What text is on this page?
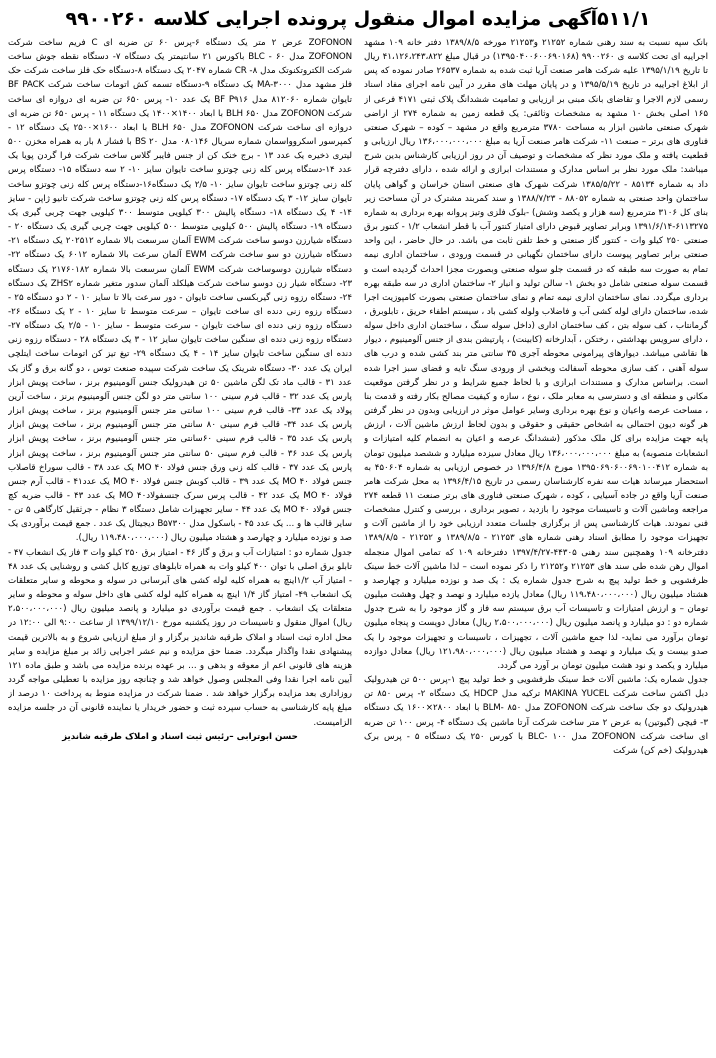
۵۱۱/۱آگهی مزایده اموال منقول پرونده اجرایی کلاسه ۹۹۰۰۲۶۰

بانک سپه نسبت به سند رهنی شماره ۲۱۲۵۲ و۲۱۲۵۳ مورخه ۱۳۸۹/۸/۵ دفتر خانه ۱۰۹ مشهد اجراییه ای تحت کلاسه ی ۹۹۰۰۲۶۰ (۱۳۹۵۰۴۰۰۶۰۰۶۹۰۱۶۸) در قبال مبلغ ۴۱،۱۲۶،۲۴۳،۸۲۲ ریال تا تاریخ ۱۳۹۵/۱/۱۹ علیه شرکت هامر صنعت آریا ثبت شده به شماره ۲۶۵۳۷ صادر نموده که پس از ابلاغ اجراییه در تاریخ ۱۳۹۵/۵/۱۹ و در پایان مهلت های مقرر در آیین نامه اجرای مفاد اسناد رسمی لازم الاجرا و تقاضای بانک مبنی بر ارزیابی و تمامیت ششدانگ پلاک ثبتی ۴۱۷۱ فرعی از ۱۶۵ اصلی بخش ۱۰ مشهد به مشخصات وثائقی: یک قطعه زمین به شماره ۲۷۴ از اراضی شهرک صنعتی ماشین ابزار به مساحت ۳۷۸۰ مترمربع واقع در مشهد – کوده – شهرک صنعتی فناوری های برتر – صنعت ۱۱- شرکت هامر صنعت آریا به مبلغ ۱۳۶،۰۰۰،۰۰۰،۰۰۰ ریال ارزیابی و قطعیت یافته و ملک مورد نظر که مشخصات و توصیف آن در روز ارزیابی کارشناس بدین شرح میباشد: ملک مورد نظر بر اساس مدارک و مستندات ابرازی و ارائه شده ، دارای دفترچه قرار داد به شماره ۸۵۱۳۴ - ۱۳۸۵/۵/۲۲ شرکت شهرک های صنعتی استان خراسان و گواهی پایان ساختمان واحد صنعتی به شماره ۸۸۰۵۲ - ۱۳۸۸/۷/۲۳ و سند کمربند مشترک در آن مساحت زیر بنای کل ۳۱۰۶ مترمربع (سه هزار و یکصد وشش) -بلوک فلزی وتیز پروانه بهره برداری به شماره ۶۱۱۳۲۷۵-۱۳۹۱/۶/۱۴ وبرابر تصاویر قبوض دارای امتیاز کنتور آب با قطر انشعاب ۱/۲ - کنتور برق صنعتی ۲۵۰ کیلو وات - کنتور گاز صنعتی و خط تلفن ثابت می باشد. در حال حاضر ، این واحد صنعتی برابر تصاویر پیوست دارای ساختمان نگهبانی در قسمت ورودی ، ساختمان اداری نیمه تمام به صورت سه طبقه که در قسمت جلو سوله صنعتی وبصورت مجزا احداث گردیده است و قسمت سوله صنعتی شامل دو بخش ۱- سالن تولید و انبار ۲- ساختمان اداری در سه طبقه بهره برداری میگردد. نمای ساختمان اداری نیمه تمام و نمای ساختمان صنعتی بصورت کامپوزیت اجرا شده، ساختمان دارای لوله کشی آب و فاضلاب ولوله کشی باد ، سیستم اطفاء حریق ، تابلوبرق ، گرمانتاب ، کف سوله بتن ، کف ساختمان اداری (داخل سوله سنگ ، ساختمان اداری داخل سوله ، دارای سرویس بهداشتی ، رختکن ، آبدارخانه (کابینت) ، پارتیشن بندی از جنس آلومینیوم ، دیوار ها نقاشی میباشد. دیوارهای پیرامونی محوطه آجری ۳۵ سانتی متر بند کشی شده و درب های سوله آهنی ، کف سازی محوطه آسفالت وبخشی از ورودی سنگ تایه و فضای سبز اجرا شده است. براساس مدارک و مستندات ابرازی و با لحاظ جمیع شرایط و در نظر گرفتن موقعیت مکانی و منطقه ای و دسترسی به معابر ملک ، نوع ، سازه و کیفیت مصالح بکار رفته و قدمت بنا ، مساحت عرصه واعیان و نوع بهره برداری وسایر عوامل موثر در ارزیابی وبدون در نظر گرفتن هر گونه دیون احتمالی به اشخاص حقیقی و حقوقی و بدون لحاظ ارزش ماشین آلات ، ارزش پایه جهت مزایده برای کل ملک مذکور (ششدانگ عرصه و اعیان به انضمام کلیه امتیازات و انشعابات منصوبه) به مبلغ ۱۳۶،۰۰۰،۰۰۰،۰۰۰ ریال معادل سیزده میلیارد و ششصد میلیون تومان به شماره ۱۳۹۵۰۶۹۰۶۰۰۶۹۰۱۰۰۴۱۲ مورخ ۱۳۹۶/۴/۸ در خصوص ارزیابی به شماره ۴۵۰۶۰۴ به استحضار میرساند هیات سه نفره کارشناسان رسمی در تاریخ ۱۳۹۶/۴/۱۵ به محل شرکت هامر صنعت آریا واقع در جاده آسیایی ، کوده ، شهرک صنعتی فناوری های برتر صنعت ۱۱ قطعه ۲۷۴ مراجعه وماشین آلات و تاسیسات موجود را بازدید ، تصویر برداری ، بررسی و کنترل مشخصات فنی نمودند. هیات کارشناسی پس از برگزاری جلسات متعدد ارزیابی خود را از ماشین آلات و تجهیزات موجود را مطابق اسناد رهنی شماره های ۲۱۲۵۳ - ۱۳۸۹/۸/۵ و ۲۱۲۵۲ - ۱۳۸۹/۸/۵ دفترخانه ۱۰۹ وهمچنین سند رهنی ۴۴۳۰۵-۱۳۹۷/۴/۲۷ دفترخانه ۱۰۹ که تمامی اموال منجمله اموال رهن شده طی سند های ۲۱۲۵۳ و۲۱۲۵۲ را ذکر نموده است – لذا ماشین آلات خط سینک ظرفشویی و خط تولید پیچ به شرح جدول شماره یک : یک صد و نوزده میلیارد و چهارصد و هشتاد میلیون ریال (۱۱۹،۴۸۰،۰۰۰،۰۰۰ ریال) معادل یازده میلیارد و نهصد و چهل وهشت میلیون تومان – و ارزش امتیازات و تاسیسات آب برق سیستم سه فاز و گاز موجود را به شرح جدول شماره دو : دو میلیارد و پانصد میلیون ریال (۲،۵۰۰،۰۰۰،۰۰۰ ریال) معادل دویست و پنجاه میلیون تومان برآورد می نماید- لذا جمع ماشین آلات ، تجهیزات ، تاسیسات و تجهیزات موجود را یک صدو بیست و یک میلیارد و نهصد و هشتاد میلیون ریال (۱۲۱،۹۸۰،۰۰۰،۰۰۰ ریال) معادل دوازده میلیارد و یکصد و نود هشت میلیون تومان بر آورد می گردد.

جدول شماره یک: ماشین آلات خط سینک ظرفشویی و خط تولید پیچ ۱-پرس ۵۰۰ تن هیدرولیک دبل اکشن ساخت شرکت MAKINA YUCEL ترکیه مدل HDCP یک دستگاه ۲- پرس ۸۵۰ تن هیدرولیک دو جک ساخت شرکت ZOFONON مدل ۸۵۰ -BLM با ابعاد ۲۸۰۰×۱۶۰۰ یک دستگاه ۳- قیچی (گیوتین) به عرض ۲ متر ساخت شرکت آرتا ماشین یک دستگاه ۴- پرس ۱۰۰ تن ضربه ای ساخت شرکت ZOFONON مدل ۱۰۰ -BLC با کورس ۲۵۰ یک دستگاه ۵ - پرس برک هیدرولیک (خم کن) شرکت

ZOFONON عرض ۲ متر یک دستگاه ۶-پرس ۶۰ تن ضربه ای C فریم ساخت شرکت ZOFONON مدل ۶۰ - BLC باکورس ۲۱ سانتیمتر یک دستگاه ۷- دستگاه نقطه جوش ساخت شرکت الکتروتکنوتک مدل ۸- CR شماره ۲۰۴۷ یک دستگاه ۸-دستگاه حک فلز ساخت شرکت حک فلز مشهد مدل ۳۰۰۰-MA یک دستگاه ۹-دستگاه تسمه کش اتومات ساخت شرکت BF PACK تایوان شماره ۸۱۲۰۶۰ مدل BF P۹۱۶ یک عدد ۱۰- پرس ۶۵۰ تن ضربه ای دروازه ای ساخت شرکت ZOFONON مدل BLH ۶۵۰ با ابعاد ۱۴۰۰×۱۴۰۰ یک دستگاه ۱۱ - پرس ۶۵۰ تن ضربه ای دروازه ای ساخت شرکت ZOFONON مدل BLH ۶۵۰ با ابعاد ۱۶۰۰×۲۵۰۰ یک دستگاه ۱۲ - کمپرسور اسکروواسمان شماره سریال ۰۸۰۱۴۶ مدل BS ۲۰ با فشار ۸ بار به همراه مخزن ۵۰۰ لیتری ذخیره یک عدد ۱۳ - برج خنک کن از جنس فایبر گلاس ساخت شرکت فرا گردن پویا یک عدد ۱۴-دستگاه پرس کله زنی چوتزو ساخت تایوان سایز ۱۰- ۲ سه دستگاه ۱۵- دستگاه پرس کله زنی چوتزو ساخت تایوان سایز ۱۰- ۲/۵ یک دستگاه۱۶-دستگاه پرس کله زنی چوتزو ساخت تایوان سایز ۱۲- ۳ یک دستگاه ۱۷- دستگاه پرس کله زنی چوتزو ساخت شرکت تانیو ژاپن - سایز ۱۴- ۴ یک دستگاه ۱۸- دستگاه پالیش ۳۰۰ کیلویی متوسط ۳۰۰ کیلویی جهت چربی گیری یک دستگاه ۱۹- دستگاه پالیش ۵۰۰ کیلویی متوسط ۵۰۰ کیلویی جهت چربی گیری یک دستگاه ۲۰ - دستگاه شیارزن دوسو ساخت شرکت EWM آلمان سرسعت بالا شماره ۲۰۲۵۱۲ یک دستگاه ۲۱- دستگاه شیارزن دو سو ساخت شرکت EWM آلمان سرعت بالا شماره ۶۰۱۲ یک دستگاه ۲۲- دستگاه شیارزن دوسوساخت شرکت EWM آلمان سرسعت بالا شماره ۲۱۷۶۰۱۸۲ یک دستگاه ۲۳- دستگاه شیار زن دوسو ساخت شرکت هیلکلد آلمان سدور متغیر شماره ZHS۲ یک دستگاه ۲۴- دستگاه رزوه زنی گیربکسی ساخت تایوان - دور سرعت بالا تا سایز ۱۰ - ۲ دو دستگاه ۲۵ - دستگاه رزوه زنی دنده ای ساخت تایوان – سرعت متوسط تا سایز ۱۰ - ۲ یک دستگاه ۲۶- دستگاه رزوه زنی دنده ای ساخت تایوان - سرعت متوسط - سایز ۱۰ - ۲/۵ یک دستگاه ۲۷- دستگاه رزوه زنی دنده ای سنگین ساخت تایوان سایز ۱۲ - ۳ یک دستگاه ۲۸ - دستگاه رزوه زنی دنده ای سنگین ساخت تایوان سایز ۱۴ - ۴ یک دستگاه ۲۹- تیغ تیز کن اتومات ساخت ایتلچی ایران یک عدد ۳۰- دستگاه شرینک یک ساخت شرکت سپیده صنعت توس ، دو گانه برق و گاز یک عدد ۳۱ - قالب ماد تک لگن ماشین ۵۰ تن هیدرولیک جنس آلومینیوم برنز ، ساخت پویش ابزار پارس یک عدد ۳۲ - قالب فرم سینی ۱۰۰ سانتی متر دو لگن جنس آلومینیوم برنز ، ساخت آرین پولاد یک عدد ۳۳- قالب فرم سینی ۱۰۰ سانتی متر جنس آلومینیوم برنز ، ساخت پویش ابزار پارس یک عدد ۳۴- قالب فرم سینی ۸۰ سانتی متر جنس آلومینیوم برنز ، ساخت پویش ابزار پارس یک عدد ۳۵ - قالب فرم سینی ۶۰سانتی متر جنس آلومینیوم برنز ، ساخت پویش ابزار پارس یک عدد ۳۶ - قالب فرم سینی ۵۰ سانتی متر جنس آلومینیوم برنز ، ساخت پویش ابزار پارس یک عدد ۳۷ - قالب کله زنی ورق جنس فولاد MO ۴۰ یک عدد ۳۸ - قالب سوراخ قاصلاب جنس فولاد MO ۴۰ یک عدد ۳۹ - قالب کوبش جنس فولاد MO ۴۰ یک عدد۴۱ - قالب آرم جنس فولاد MO ۴۰ یک عدد ۴۲ - قالب پرس سرک جنسفولادMO ۴۰ یک عدد ۴۳ - قالب ضربه کچ جنس فولاد MO ۴۰ یک عدد ۴۴ - سایر تجهیزات شامل دستگاه ۳ نظام - جرثقیل کارگاهی ۵ تن - سایر قالب ها و ... یک عدد ۴۵ - باسکول مدل B۵۷۳۰۰ دیجیتال یک عدد . جمع قیمت برآوردی یک صد و نوزده میلیارد و چهارصد و هشتاد میلیون ریال (۱۱۹،۴۸۰،۰۰۰،۰۰۰ ریال).

جدول شماره دو : امتیازات آب و برق و گاز ۴۶ - امتیاز برق ۲۵۰ کیلو وات ۳ فاز یک انشعاب ۴۷ - تابلو برق اصلی با توان ۴۰۰ کیلو وات به همراه تابلوهای توزیع کابل کشی و روشنایی یک عدد ۴۸ - امتیاز آب ۱/۲اینچ به همراه کلیه لوله کشی های آبرسانی در سوله و محوطه و سایر متعلقات یک انشعاب ۴۹- امتیاز گاز ۱/۴ اینچ به همراه کلیه لوله کشی های داخل سوله و محوطه و سایر متعلقات یک انشعاب . جمع قیمت برآوردی دو میلیارد و پانصد میلیون ریال (۲،۵۰۰،۰۰۰،۰۰۰ ریال) اموال منقول و تاسیسات در روز یکشنبه مورخ ۱۳۹۹/۱۲/۱۰ از ساعت ۹:۰۰ الی ۱۲:۰۰ در محل اداره ثبت اسناد و املاک طرقبه شاندیز برگزار و از مبلغ ارزیابی شروع و به بالاترین قیمت پیشنهادی نقدا واگذار میگردد. ضمنا حق مزایده و نیم عشر اجرایی زائد بر مبلغ مزایده و سایر هزینه های قانونی اعم از معوقه و بدهی و … بر عهده برنده مزایده می باشد و طبق ماده ۱۲۱ آیین نامه اجرا نقدا وفی المجلس وصول خواهد شد و چنانچه روز مزایده با تعطیلی مواجه گردد روزاداری بعد مزایده برگزار خواهد شد . ضمنا شرکت در مزایده منوط به پرداخت ۱۰ درصد از مبلغ پایه کارشناسی به حساب سپرده ثبت و حضور خریدار یا نماینده قانونی آن در جلسه مزایده الزامیست.

حسن ابوترابی –رئیس ثبت اسناد و املاک طرقبه شاندیز
